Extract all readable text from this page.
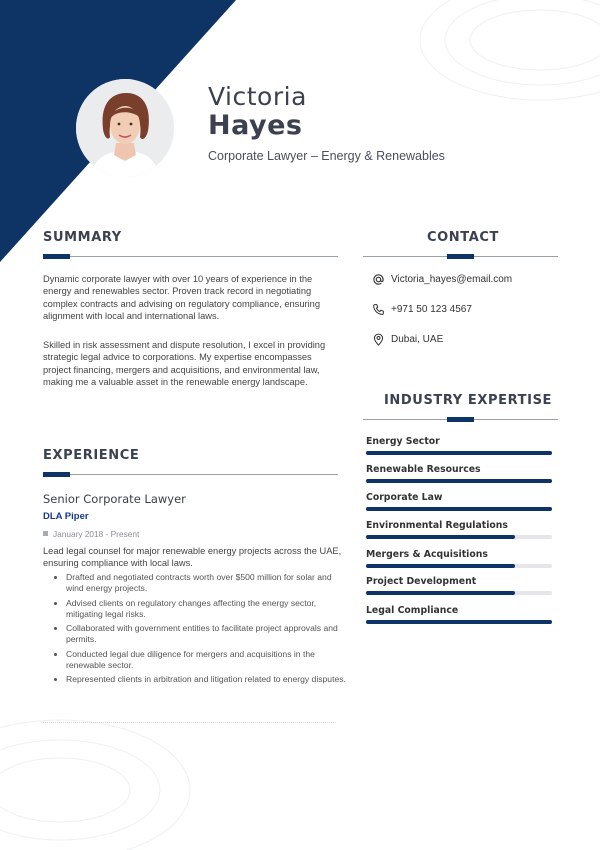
Victoria
Hayes
Corporate Lawyer – Energy & Renewables
SUMMARY

Dynamic corporate lawyer with over 10 years of experience in the energy and renewables sector. Proven track record in negotiating complex contracts and advising on regulatory compliance, ensuring alignment with local and international laws.

Skilled in risk assessment and dispute resolution, I excel in providing strategic legal advice to corporations. My expertise encompasses project financing, mergers and acquisitions, and environmental law, making me a valuable asset in the renewable energy landscape.

EXPERIENCE
Senior Corporate Lawyer
DLA Piper
January 2018 - Present

Lead legal counsel for major renewable energy projects across the UAE, ensuring compliance with local laws.

• Drafted and negotiated contracts worth over $500 million for solar and wind energy projects.
• Advised clients on regulatory changes affecting the energy sector, mitigating legal risks.
• Collaborated with government entities to facilitate project approvals and permits.
• Conducted legal due diligence for mergers and acquisitions in the renewable sector.
• Represented clients in arbitration and litigation related to energy disputes.
CONTACT
Victoria_hayes@email.com
+971 50 123 4567
Dubai, UAE
INDUSTRY EXPERTISE
Energy Sector
Renewable Resources
Corporate Law
Environmental Regulations
Mergers & Acquisitions
Project Development
Legal Compliance
